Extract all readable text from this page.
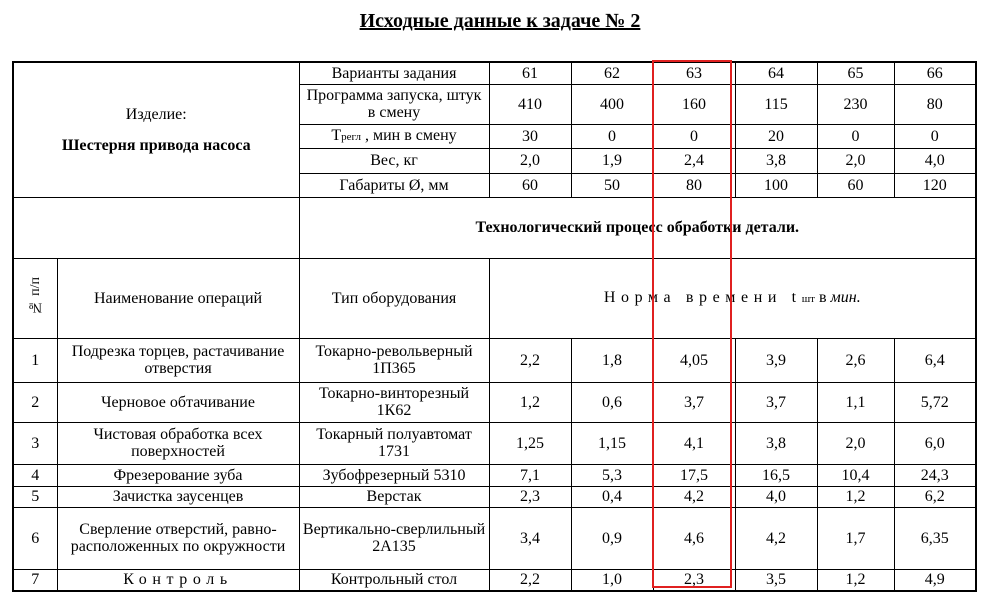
Исходные данные к задаче № 2
Изделие:
Шестерня привода насоса		Варианты задания	61	62	63	64	65	66
		Программа запуска, штук в смену	410	400	160	115	230	80
		Tрегл , мин в смену	30	0	0	20	0	0
		Вес, кг	2,0	1,9	2,4	3,8	2,0	4,0
		Габариты Ø, мм	60	50	80	100	60	120
		Технологический процесс обработки детали.						
№ п/п	Наименование операций	Тип оборудования	Норма времени tшт в мин.					
1	Подрезка торцев, растачивание отверстия	Токарно-револьверный 1П365	2,2	1,8	4,05	3,9	2,6	6,4
2	Черновое обтачивание	Токарно-винторезный 1К62	1,2	0,6	3,7	3,7	1,1	5,72
3	Чистовая обработка всех поверхностей	Токарный полуавтомат 1731	1,25	1,15	4,1	3,8	2,0	6,0
4	Фрезерование зуба	Зубофрезерный 5310	7,1	5,3	17,5	16,5	10,4	24,3
5	Зачистка заусенцев	Верстак	2,3	0,4	4,2	4,0	1,2	6,2
6	Сверление отверстий, равно-расположенных по окружности	Вертикально-сверлильный 2А135	3,4	0,9	4,6	4,2	1,7	6,35
7	Контроль	Контрольный стол	2,2	1,0	2,3	3,5	1,2	4,9
